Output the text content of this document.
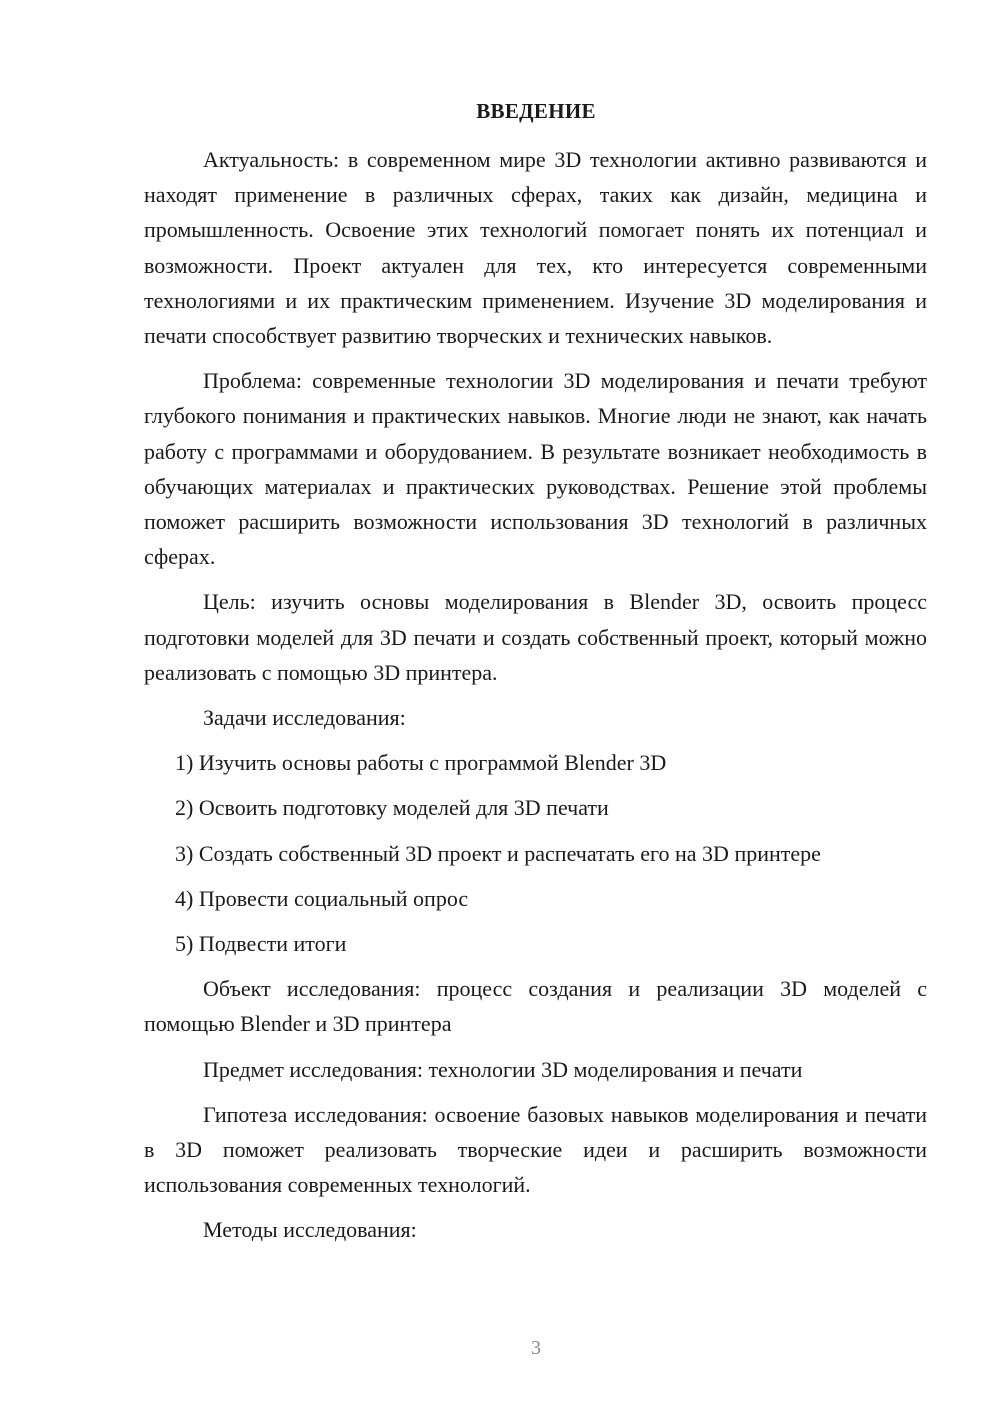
ВВЕДЕНИЕ

Актуальность: в современном мире 3D технологии активно развиваются и находят применение в различных сферах, таких как дизайн, медицина и промышленность. Освоение этих технологий помогает понять их потенциал и возможности. Проект актуален для тех, кто интересуется современными технологиями и их практическим применением. Изучение 3D моделирования и печати способствует развитию творческих и технических навыков.

Проблема: современные технологии 3D моделирования и печати требуют глубокого понимания и практических навыков. Многие люди не знают, как начать работу с программами и оборудованием. В результате возникает необходимость в обучающих материалах и практических руководствах. Решение этой проблемы поможет расширить возможности использования 3D технологий в различных сферах.

Цель: изучить основы моделирования в Blender 3D, освоить процесс подготовки моделей для 3D печати и создать собственный проект, который можно реализовать с помощью 3D принтера.

Задачи исследования:

1) Изучить основы работы с программой Blender 3D
2) Освоить подготовку моделей для 3D печати
3) Создать собственный 3D проект и распечатать его на 3D принтере
4) Провести социальный опрос
5) Подвести итоги

Объект исследования: процесс создания и реализации 3D моделей с помощью Blender и 3D принтера

Предмет исследования: технологии 3D моделирования и печати

Гипотеза исследования: освоение базовых навыков моделирования и печати в 3D поможет реализовать творческие идеи и расширить возможности использования современных технологий.

Методы исследования:

3
